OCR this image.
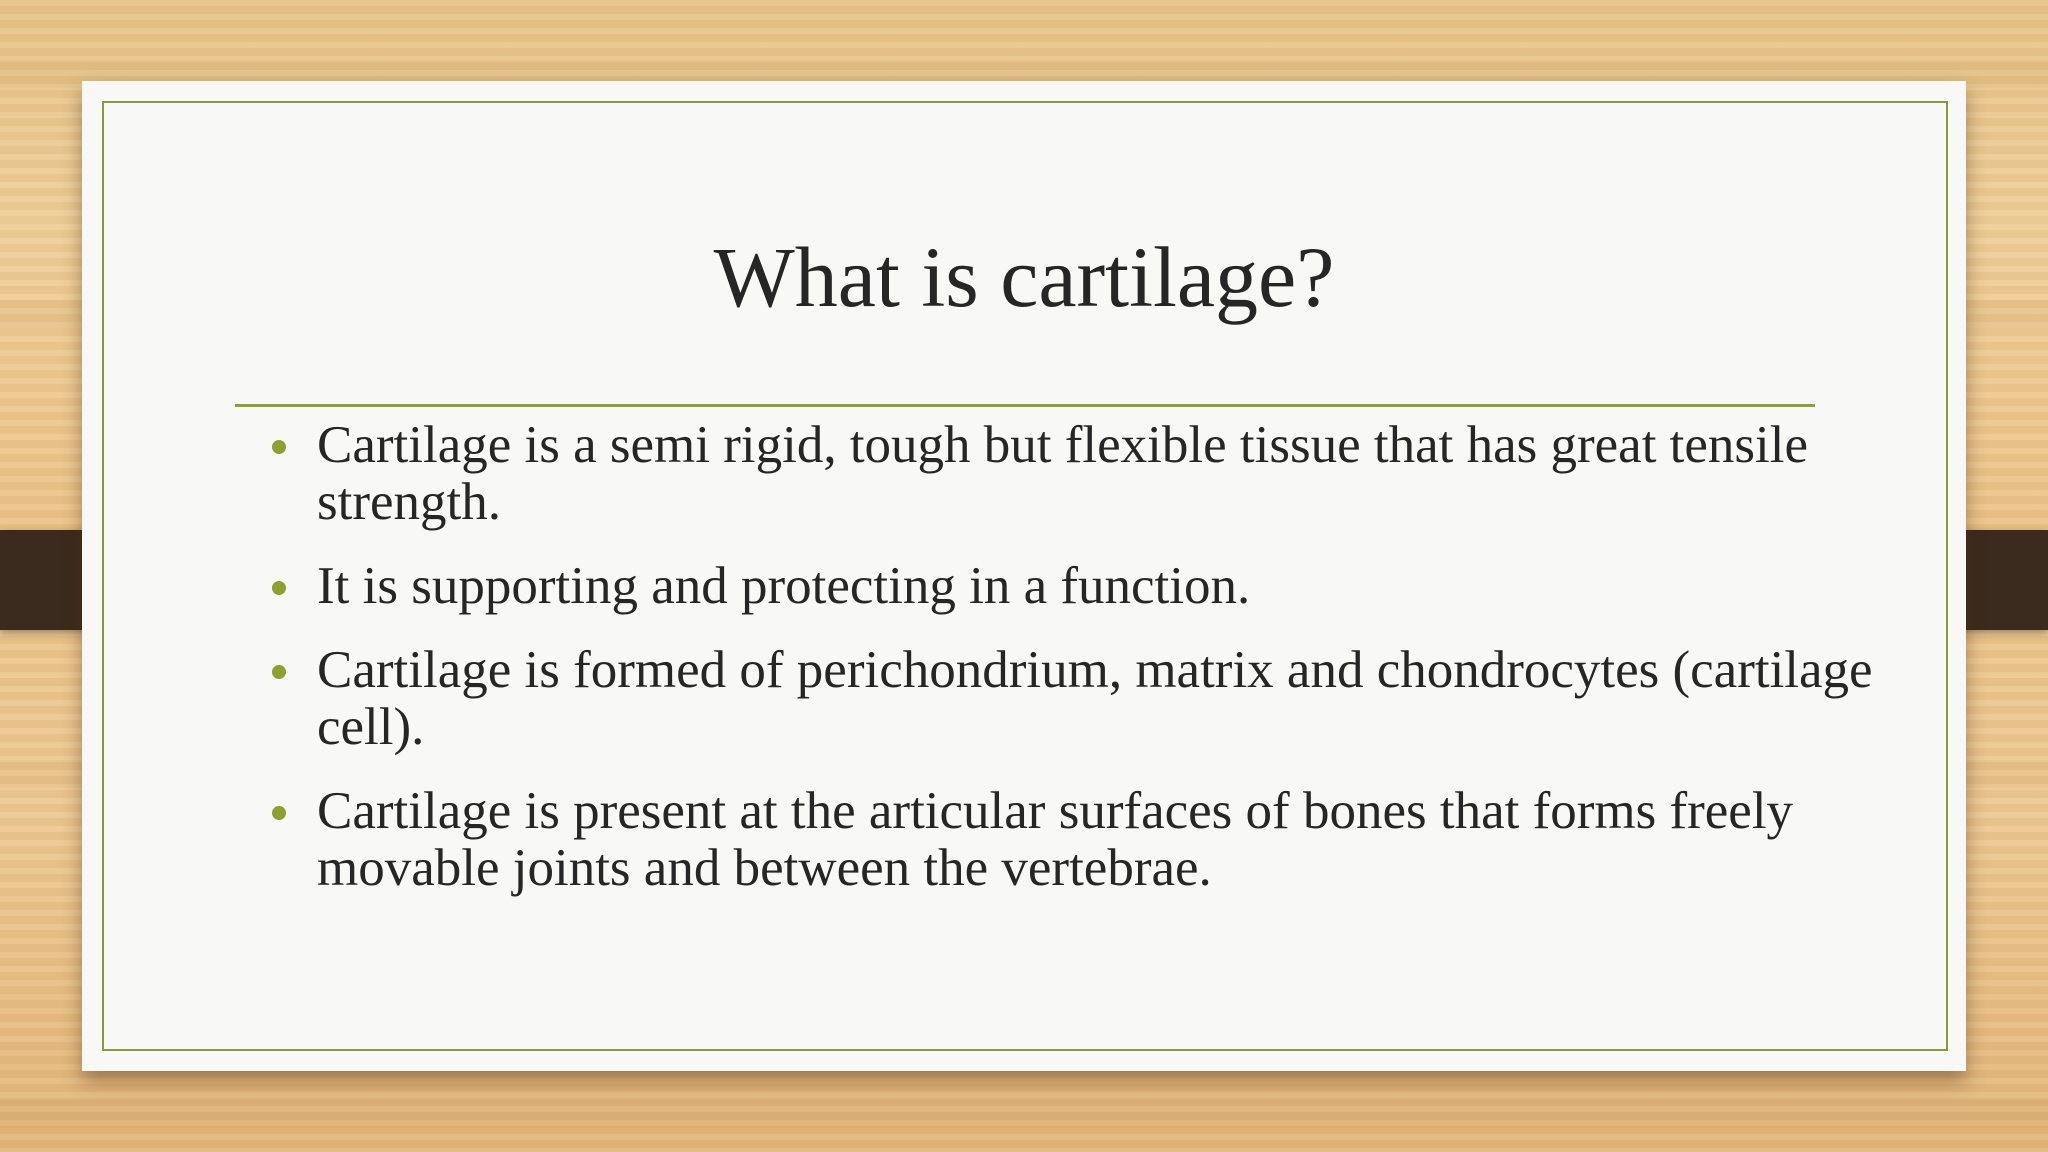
What is cartilage?
Cartilage is a semi rigid, tough but flexible tissue that has great tensile strength.
It is supporting and protecting in a function.
Cartilage is formed of perichondrium, matrix and chondrocytes (cartilage cell).
Cartilage is present at the articular surfaces of bones that forms freely movable joints and between the vertebrae.
